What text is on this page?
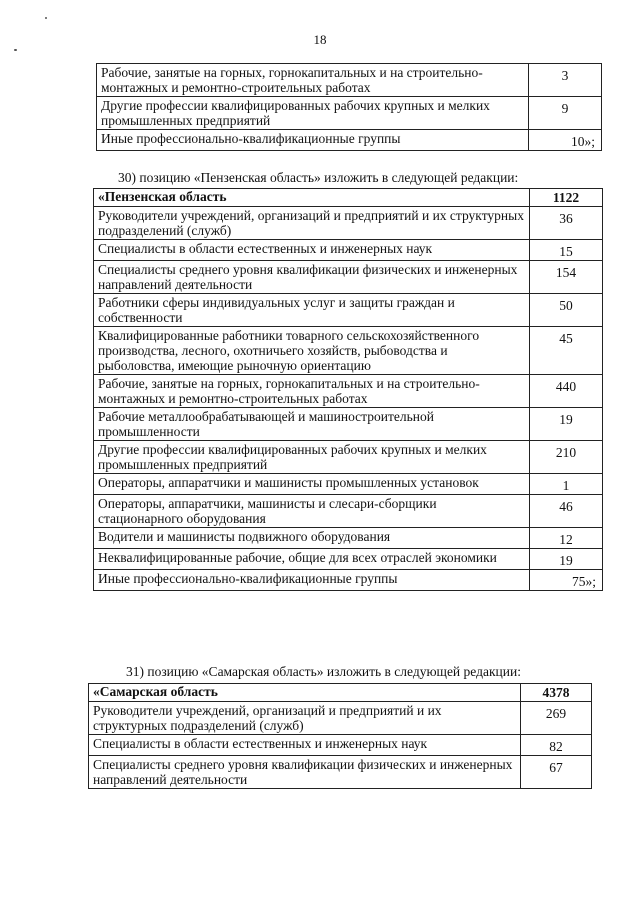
18
Рабочие, занятые на горных, горнокапитальных и на строительно-монтажных и ремонтно-строительных работах	3
Другие профессии квалифицированных рабочих крупных и мелких промышленных предприятий	9
Иные профессионально-квалификационные группы	10»;
30) позицию «Пензенская область» изложить в следующей редакции:
«Пензенская область	1122
Руководители учреждений, организаций и предприятий и их структурных подразделений (служб)	36
Специалисты в области естественных и инженерных наук	15
Специалисты среднего уровня квалификации физических и инженерных направлений деятельности	154
Работники сферы индивидуальных услуг и защиты граждан и собственности	50
Квалифицированные работники товарного сельскохозяйственного производства, лесного, охотничьего хозяйств, рыбоводства и рыболовства, имеющие рыночную ориентацию	45
Рабочие, занятые на горных, горнокапитальных и на строительно-монтажных и ремонтно-строительных работах	440
Рабочие металлообрабатывающей и машиностроительной промышленности	19
Другие профессии квалифицированных рабочих крупных и мелких промышленных предприятий	210
Операторы, аппаратчики и машинисты промышленных установок	1
Операторы, аппаратчики, машинисты и слесари-сборщики стационарного оборудования	46
Водители и машинисты подвижного оборудования	12
Неквалифицированные рабочие, общие для всех отраслей экономики	19
Иные профессионально-квалификационные группы	75»;
31) позицию «Самарская область» изложить в следующей редакции:
«Самарская область	4378
Руководители учреждений, организаций и предприятий и их структурных подразделений (служб)	269
Специалисты в области естественных и инженерных наук	82
Специалисты среднего уровня квалификации физических и инженерных направлений деятельности	67
